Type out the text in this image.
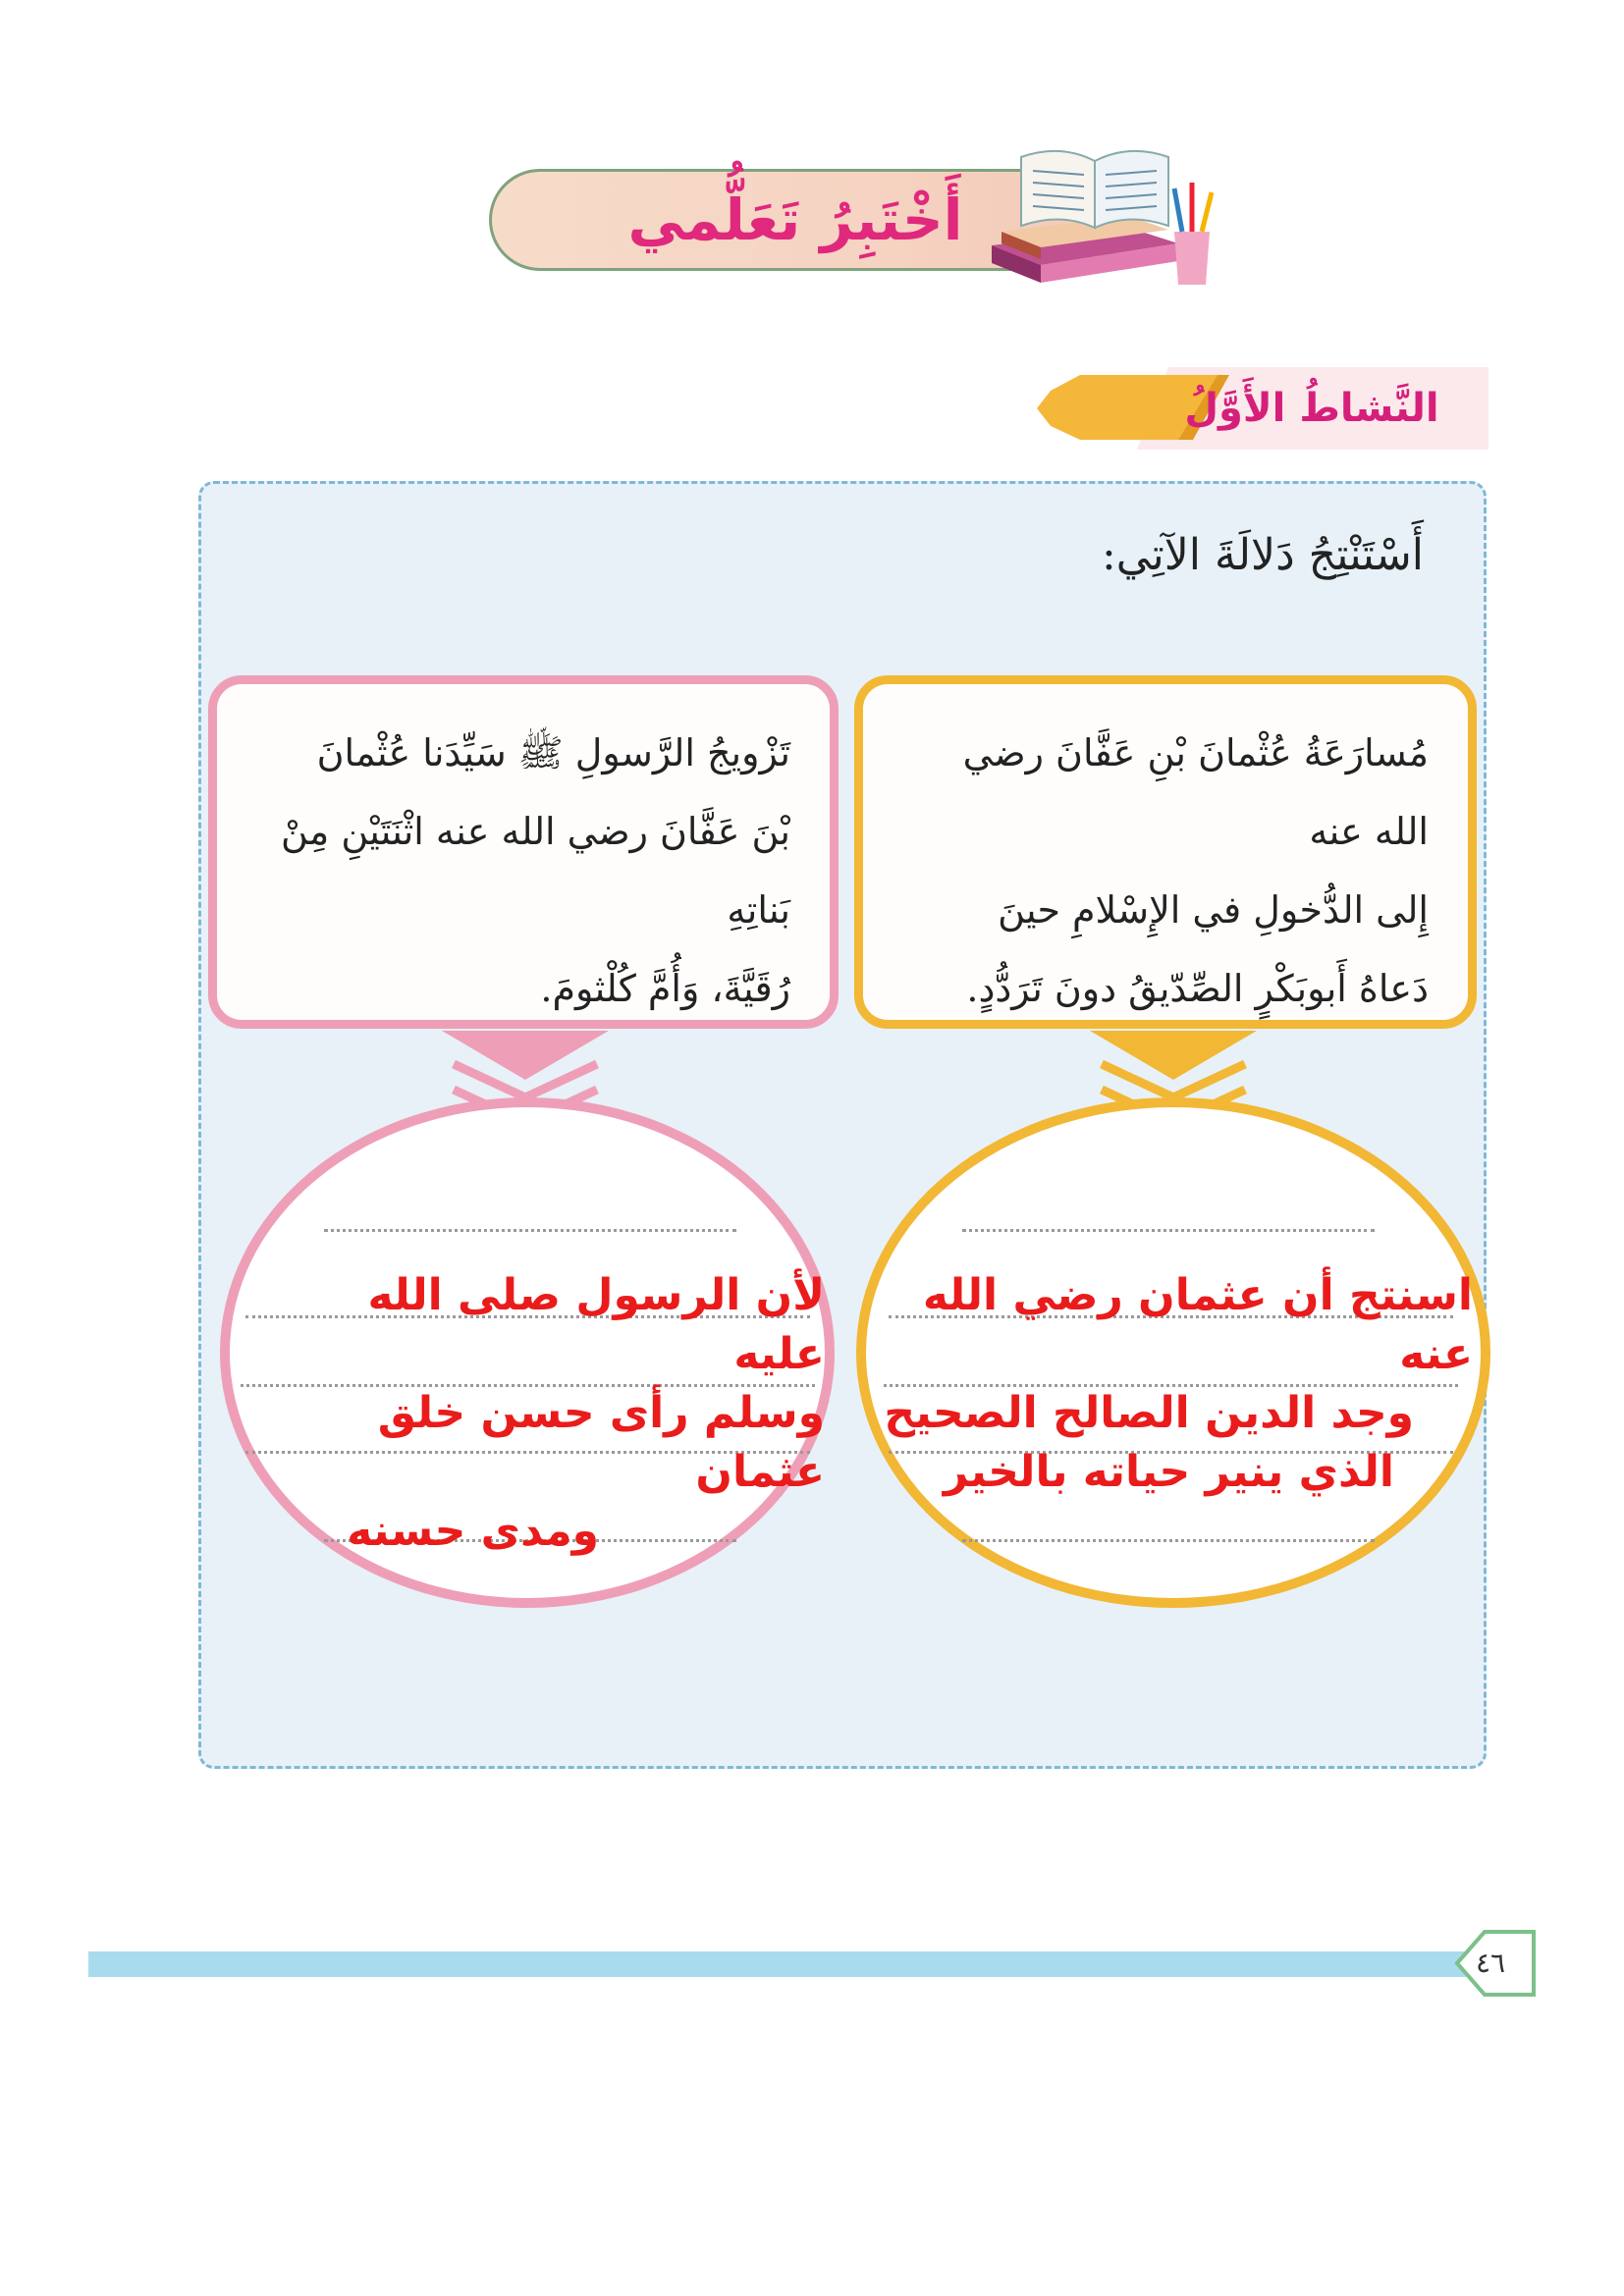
أَخْتَبِرُ تَعَلُّمي
النَّشاطُ الأَوَّلُ
أَسْتَنْتِجُ دَلالَةَ الآتِي:
مُسارَعَةُ عُثْمانَ بْنِ عَفَّانَ رضي الله عنه
إِلى الدُّخولِ في الإِسْلامِ حينَ
دَعاهُ أَبوبَكْرٍ الصِّدّيقُ دونَ تَرَدُّدٍ.
تَزْويجُ الرَّسولِ ﷺ سَيِّدَنا عُثْمانَ
بْنَ عَفَّانَ رضي الله عنه اثْنَتَيْنِ مِنْ بَناتِهِ
رُقَيَّةَ، وَأُمَّ كُلْثومَ.
اسنتج أن عثمان رضي الله عنه
وجد الدين الصالح الصحيح
الذي ينير حياته بالخير
لأن الرسول صلى الله عليه
وسلم رأى حسن خلق عثمان
ومدى حسنه
٤٦
